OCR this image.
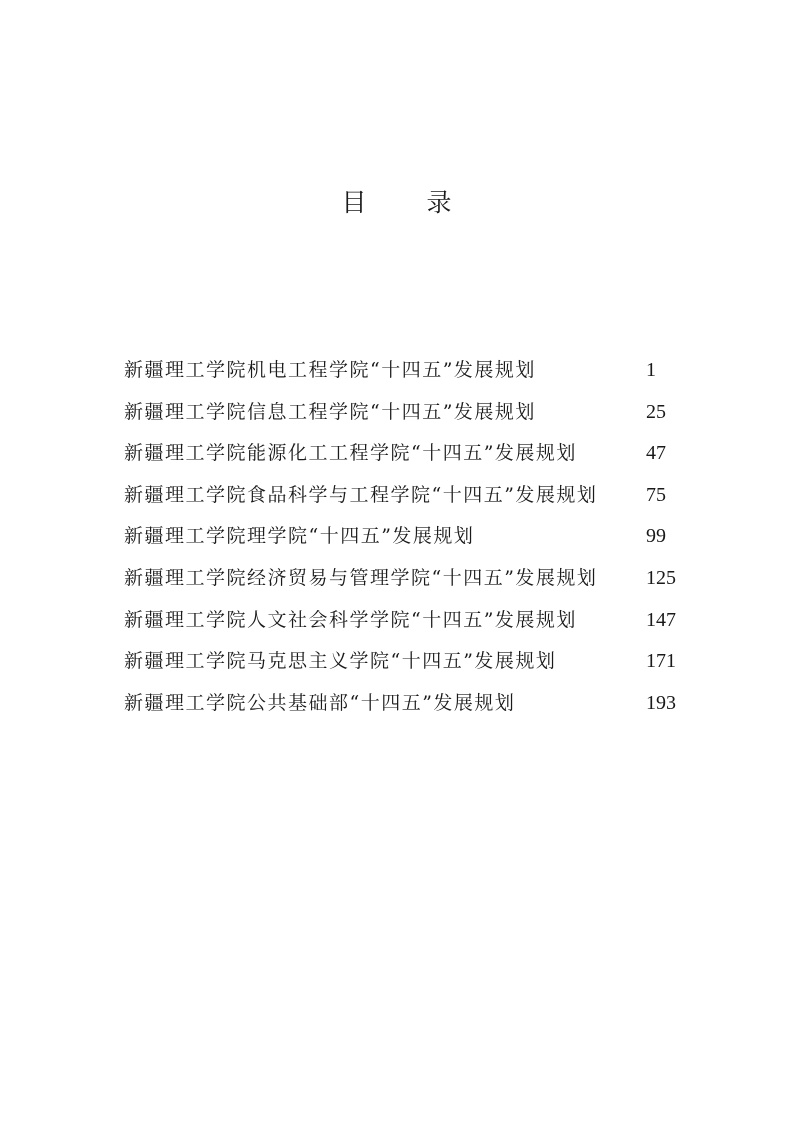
目 录
新疆理工学院机电工程学院“十四五”发展规划	1
新疆理工学院信息工程学院“十四五”发展规划	25
新疆理工学院能源化工工程学院“十四五”发展规划	47
新疆理工学院食品科学与工程学院“十四五”发展规划 75
新疆理工学院理学院“十四五”发展规划	99
新疆理工学院经济贸易与管理学院“十四五”发展规划 125
新疆理工学院人文社会科学学院“十四五”发展规划	147
新疆理工学院马克思主义学院“十四五”发展规划	171
新疆理工学院公共基础部“十四五”发展规划	193
